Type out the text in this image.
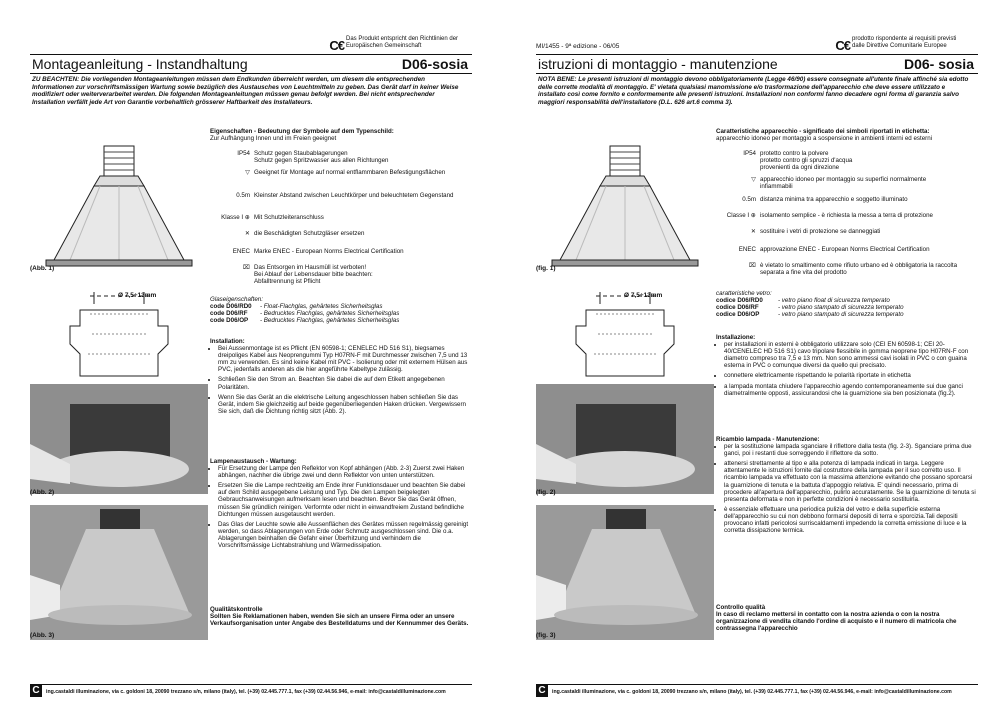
C€ Das Produkt entspricht den Richtlinien der Europäischen Gemeinschaft
Montageanleitung - Instandhaltung	D06-sosia
ZU BEACHTEN: Die vorliegenden Montageanleitungen müssen dem Endkunden überreicht werden, um diesem die entsprechenden Informationen zur vorschriftsmässigen Wartung sowie bezüglich des Austausches von Leuchtmitteln zu geben. Das Gerät darf in keiner Weise modifiziert oder weiterverarbeitet werden. Die folgenden Montageanleitungen müssen genau befolgt werden. Bei nicht entsprechender Installation verfällt jede Art von Garantie vorbehaltlich grösserer Haftbarkeit des Installateurs.
(Abb. 1)
Ø 7,5÷13mm
(Abb. 2)
(Abb. 3)
Eigenschaften - Bedeutung der Symbole auf dem Typenschild:
Zur Aufhängung Innen und im Freien geeignet
IP54 Schutz gegen Staubablagerungen
Schutz gegen Spritzwasser aus allen Richtungen
▽ Geeignet für Montage auf normal entflammbaren Befestigungsflächen
0.5m Kleinster Abstand zwischen Leuchtkörper und beleuchtetem Gegenstand
Klasse I ⊕ Mit Schutzleiteranschluss
✕ die Beschädigten Schutzgläser ersetzen
ENEC Marke ENEC - European Norms Electrical Certification
⌧ Das Entsorgen im Hausmüll ist verboten!
Bei Ablauf der Lebensdauer bitte beachten:
Abfalltrennung ist Pflicht
Glaseigenschaften:
code D06/RD0	- Float-Flachglas, gehärtetes Sicherheitsglas
code D06/RF	- Bedrucktes Flachglas, gehärtetes Sicherheitsglas
code D06/OP	- Bedrucktes Flachglas, gehärtetes Sicherheitsglas
Installation:
• Bei Aussenmontage ist es Pflicht (EN 60598-1; CENELEC HD 516 S1), biegsames dreipoliges Kabel aus Neoprengummi Typ H07RN-F mit Durchmesser zwischen 7,5 und 13 mm zu verwenden. Es sind keine Kabel mit PVC - Isolierung oder mit externem Hülsen aus PVC, jedenfalls anderen als die hier angeführte Kabeltype zulässig.
• Schließen Sie den Strom an. Beachten Sie dabei die auf dem Etikett angegebenen Polaritäten.
• Wenn Sie das Gerät an die elektrische Leitung angeschlossen haben schließen Sie das Gerät, indem Sie gleichzeitig auf beide gegenüberliegenden Haken drücken. Vergewissern Sie sich, daß die Dichtung richtig sitzt (Abb. 2).
Lampenaustausch - Wartung:
• Für Ersetzung der Lampe den Reflektor von Kopf abhängen (Abb. 2-3) Zuerst zwei Haken abhängen, nachher die übrige zwei und denn Reflektor von unten unterstützen.
• Ersetzen Sie die Lampe rechtzeitig am Ende ihrer Funktionsdauer und beachten Sie dabei auf dem Schild ausgegebene Leistung und Typ. Die den Lampen beigelegten Gebrauchsanweisungen aufmerksam lesen und beachten. Bevor Sie das Gerät öffnen, müssen Sie gründlich reinigen. Verformte oder nicht in einwandfreiem Zustand befindliche Dichtungen müssen ausgetauscht werden.
• Das Glas der Leuchte sowie alle Aussenflächen des Gerätes müssen regelmässig gereinigt werden, so dass Ablagerungen von Erde oder Schmutz ausgeschlossen sind. Die o.a. Ablagerungen beinhalten die Gefahr einer Überhitzung und verhindern die Vorschriftsmässige Lichtabstrahlung und Wärmedissipation.
Qualitätskontrolle
Sollten Sie Reklamationen haben, wenden Sie sich an unsere Firma oder an unsere Verkaufsorganisation unter Angabe des Bestelldatums und der Kennummer des Geräts.
C	ing.castaldi illuminazione, via c. goldoni 18, 20090 trezzano s/n, milano (italy), tel. (+39) 02.445.777.1, fax (+39) 02.44.56.946, e-mail: info@castaldilluminazione.com
MI/1455 - 9ª edizione - 06/05	C€ prodotto rispondente ai requisiti previsti dalle Direttive Comunitarie Europee
istruzioni di montaggio - manutenzione	D06- sosia
NOTA BENE: Le presenti istruzioni di montaggio devono obbligatoriamente (Legge 46/90) essere consegnate all'utente finale affinché sia edotto delle corrette modalità di montaggio. E' vietata qualsiasi manomissione e/o trasformazione dell'apparecchio che deve essere utilizzato e installato così come fornito e conformemente alle presenti istruzioni. Installazioni non conformi fanno decadere ogni forma di garanzia salvo maggiori responsabilità dell'installatore (D.L. 626 art.6 comma 3).
(fig. 1)
Ø 7,5÷13mm
(fig. 2)
(fig. 3)
Caratteristiche apparecchio - significato dei simboli riportati in etichetta:
apparecchio idoneo per montaggio a sospensione in ambienti interni ed esterni
IP54 protetto contro la polvere
protetto contro gli spruzzi d'acqua
provenienti da ogni direzione
▽ apparecchio idoneo per montaggio su superfici normalmente infiammabili
0.5m distanza minima tra apparecchio e soggetto illuminato
Classe I ⊕ isolamento semplice - è richiesta la messa a terra di protezione
✕ sostituire i vetri di protezione se danneggiati
ENEC approvazione ENEC - European Norms Electrical Certification
⌧ è vietato lo smaltimento come rifiuto urbano ed è obbligatoria la raccolta separata a fine vita del prodotto
caratteristiche vetro:
codice D06/RD0	- vetro piano float di sicurezza temperato
codice D06/RF	- vetro piano stampato di sicurezza temperato
codice D06/OP	- vetro piano stampato di sicurezza temperato
Installazione:
• per installazioni in esterni è obbligatorio utilizzare solo (CEI EN 60598-1; CEI 20-40/CENELEC HD 516 S1) cavo tripolare flessibile in gomma neoprene tipo H07RN-F con diametro compreso tra 7,5 e 13 mm. Non sono ammessi cavi isolati in PVC o con guaina esterna in PVC o comunque diversi da quello qui precisato.
• connettere elettricamente rispettando le polarità riportate in etichetta
• a lampada montata chiudere l'apparecchio agendo contemporaneamente sui due ganci diametralmente opposti, assicurandosi che la guarnizione sia ben posizionata (fig.2).
Ricambio lampada - Manutenzione:
• per la sostituzione lampada sganciare il riflettore dalla testa (fig. 2-3). Sganciare prima due ganci, poi i restanti due sorreggendo il riflettore da sotto.
• attenersi strettamente al tipo e alla potenza di lampada indicati in targa. Leggere attentamente le istruzioni fornite dal costruttore della lampada per il suo corretto uso. Il ricambio lampada va effettuato con la massima attenzione evitando che possano sporcarsi la guarnizione di tenuta e la battuta d'appoggio relativa. E' quindi necessario, prima di procedere all'apertura dell'apparecchio, pulirlo accuratamente. Se la guarnizione di tenuta si presenta deformata e non in perfette condizioni è necessario sostituirla.
• è essenziale effettuare una periodica pulizia del vetro e della superficie esterna dell'apparecchio su cui non debbono formarsi depositi di terra e sporcizia.Tali depositi provocano infatti pericolosi surriscaldamenti impedendo la corretta emissione di luce e la corretta dissipazione termica.
Controllo qualità
In caso di reclamo mettersi in contatto con la nostra azienda o con la nostra organizzazione di vendita citando l'ordine di acquisto e il numero di matricola che contrassegna l'apparecchio
C	ing.castaldi illuminazione, via c. goldoni 18, 20090 trezzano s/n, milano (italy), tel. (+39) 02.445.777.1, fax (+39) 02.44.56.946, e-mail: info@castaldilluminazione.com
